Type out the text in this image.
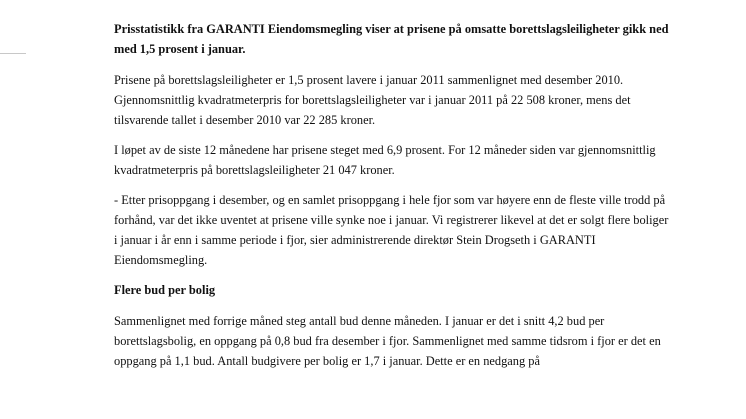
Prisstatistikk fra GARANTI Eiendomsmegling viser at prisene på omsatte borettslagsleiligheter gikk ned med 1,5 prosent i januar.

Prisene på borettslagsleiligheter er 1,5 prosent lavere i januar 2011 sammenlignet med desember 2010. Gjennomsnittlig kvadratmeterpris for borettslagsleiligheter var i januar 2011 på 22 508 kroner, mens det tilsvarende tallet i desember 2010 var 22 285 kroner.

I løpet av de siste 12 månedene har prisene steget med 6,9 prosent. For 12 måneder siden var gjennomsnittlig kvadratmeterpris på borettslagsleiligheter 21 047 kroner.

- Etter prisoppgang i desember, og en samlet prisoppgang i hele fjor som var høyere enn de fleste ville trodd på forhånd, var det ikke uventet at prisene ville synke noe i januar. Vi registrerer likevel at det er solgt flere boliger i januar i år enn i samme periode i fjor, sier administrerende direktør Stein Drogseth i GARANTI Eiendomsmegling.

Flere bud per bolig

Sammenlignet med forrige måned steg antall bud denne måneden. I januar er det i snitt 4,2 bud per borettslagsbolig, en oppgang på 0,8 bud fra desember i fjor. Sammenlignet med samme tidsrom i fjor er det en oppgang på 1,1 bud. Antall budgivere per bolig er 1,7 i januar. Dette er en nedgang på
